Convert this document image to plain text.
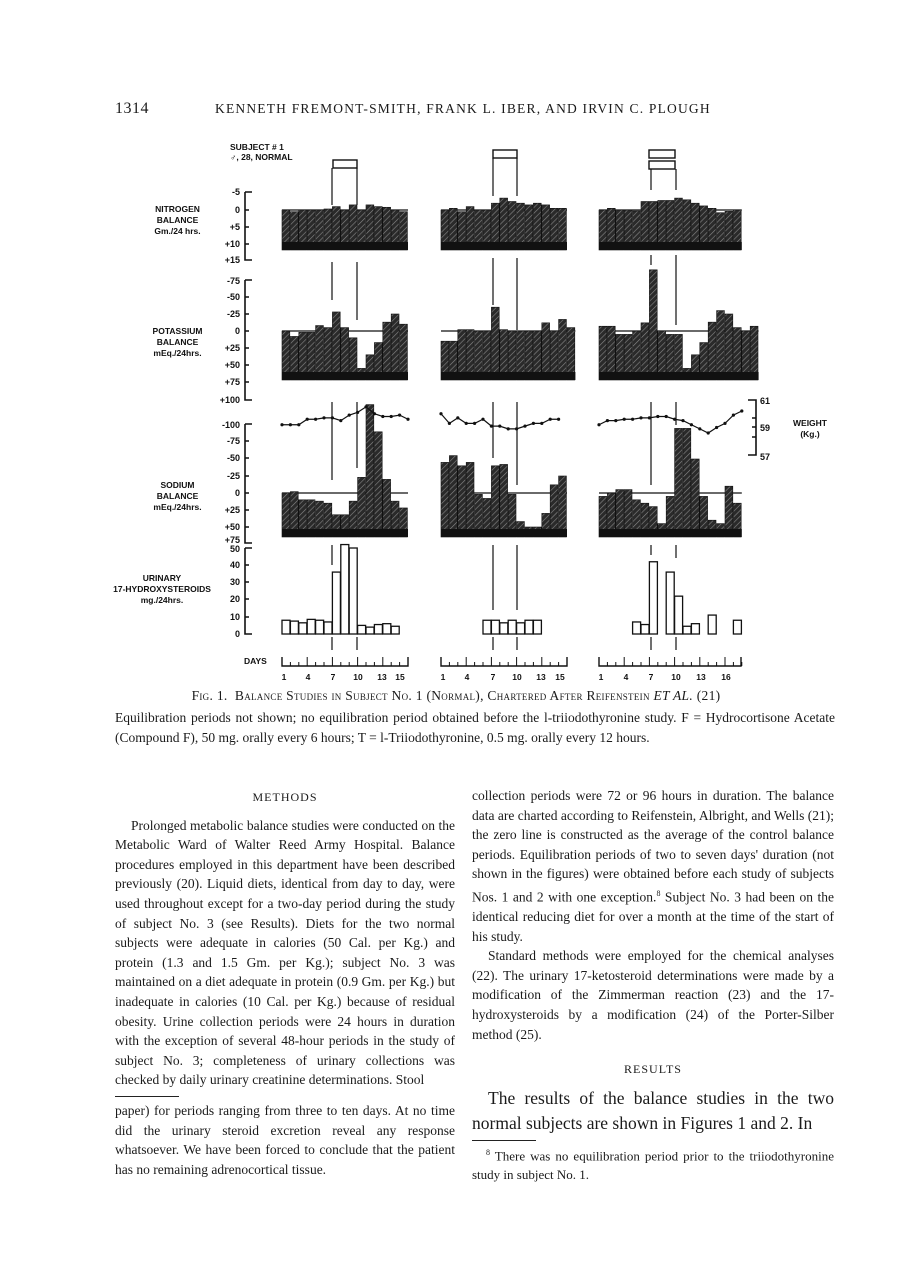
1314	KENNETH FREMONT-SMITH, FRANK L. IBER, AND IRVIN C. PLOUGH
SUBJECT # 1
♂, 28, NORMAL
NITROGEN
BALANCE
Gm./24 hrs.
POTASSIUM
BALANCE
mEq./24hrs.
SODIUM
BALANCE
mEq./24hrs.
URINARY
17-HYDROXYSTEROIDS
mg./24hrs.
WEIGHT
(Kg.)
DAYS
-5
0
+5
+10
+15
-75
-50
-25
0
+25
+50
+75
+100
-100
-75
-50
-25
0
+25
+50
+75
50
40
30
20
10
0
61
59
57
1 4 7 10 13 15	1 4	7 10 13 15	1 4 7 10 13 16
Fig. 1. Balance Studies in Subject No. 1 (Normal), Chartered After Reifenstein ET AL. (21)
Equilibration periods not shown; no equilibration period obtained before the l-triiodothyronine study. F = Hydrocortisone Acetate (Compound F), 50 mg. orally every 6 hours; T = l-Triiodothyronine, 0.5 mg. orally every 12 hours.
METHODS
Prolonged metabolic balance studies were conducted on the Metabolic Ward of Walter Reed Army Hospital. Balance procedures employed in this department have been described previously (20). Liquid diets, identical from day to day, were used throughout except for a two-day period during the study of subject No. 3 (see Results). Diets for the two normal subjects were adequate in calories (50 Cal. per Kg.) and protein (1.3 and 1.5 Gm. per Kg.); subject No. 3 was maintained on a diet adequate in protein (0.9 Gm. per Kg.) but inadequate in calories (10 Cal. per Kg.) because of residual obesity. Urine collection periods were 24 hours in duration with the exception of several 48-hour periods in the study of subject No. 3; completeness of urinary collections was checked by daily urinary creatinine determinations. Stool
paper) for periods ranging from three to ten days. At no time did the urinary steroid excretion reveal any response whatsoever. We have been forced to conclude that the patient has no remaining adrenocortical tissue.
collection periods were 72 or 96 hours in duration. The balance data are charted according to Reifenstein, Albright, and Wells (21); the zero line is constructed as the average of the control balance periods. Equilibration periods of two to seven days' duration (not shown in the figures) were obtained before each study of subjects Nos. 1 and 2 with one exception.$^8$ Subject No. 3 had been on the identical reducing diet for over a month at the time of the start of his study.
Standard methods were employed for the chemical analyses (22). The urinary 17-ketosteroid determinations were made by a modification of the Zimmerman reaction (23) and the 17-hydroxysteroids by a modification (24) of the Porter-Silber method (25).
RESULTS
The results of the balance studies in the two normal subjects are shown in Figures 1 and 2. In
$^8$ There was no equilibration period prior to the triiodothyronine study in subject No. 1.
